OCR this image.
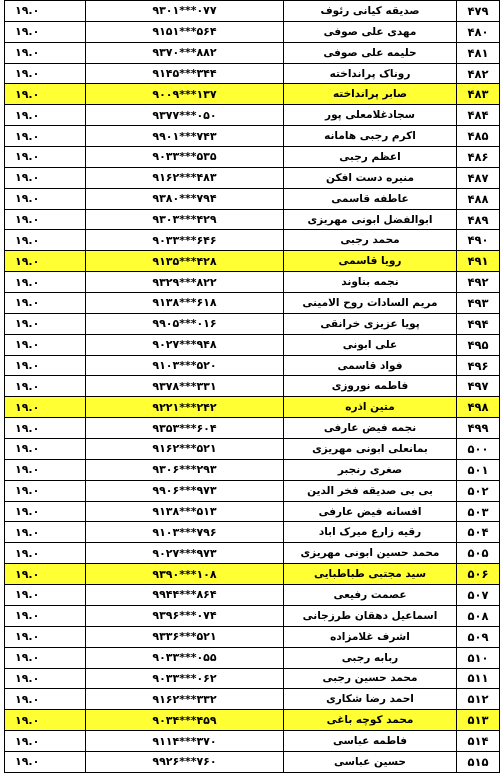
۴۷۹	صدیقه کیانی رئوف	۹۳۰۱***۰۷۷	۱۹.۰
۴۸۰	مهدی علی صوفی	۹۱۵۱***۵۶۴	۱۹.۰
۴۸۱	حلیمه علی صوفی	۹۳۷۰***۸۸۲	۱۹.۰
۴۸۲	روناک پرانداخته	۹۱۴۵***۳۴۴	۱۹.۰
۴۸۳	صابر پرانداخته	۹۰۰۹***۱۳۷	۱۹.۰
۴۸۴	سجادغلامعلی پور	۹۳۷۷***۰۵۰	۱۹.۰
۴۸۵	اکرم رجبی هامانه	۹۹۰۱***۷۴۳	۱۹.۰
۴۸۶	اعظم رجبی	۹۰۳۳***۵۳۵	۱۹.۰
۴۸۷	منیره دست افکن	۹۱۶۲***۴۸۳	۱۹.۰
۴۸۸	عاطفه قاسمی	۹۳۸۰***۷۹۴	۱۹.۰
۴۸۹	ابوالفضل ابونی مهریزی	۹۳۰۳***۴۲۹	۱۹.۰
۴۹۰	محمد رجبی	۹۰۳۳***۶۴۶	۱۹.۰
۴۹۱	رویا قاسمی	۹۱۳۵***۴۲۸	۱۹.۰
۴۹۲	نجمه بناوند	۹۳۲۹***۸۲۲	۱۹.۰
۴۹۳	مریم السادات روح الامینی	۹۱۳۸***۶۱۸	۱۹.۰
۴۹۴	پویا عزیزی خرانقی	۹۹۰۵***۰۱۶	۱۹.۰
۴۹۵	علی ابونی	۹۰۲۷***۹۴۸	۱۹.۰
۴۹۶	فواد قاسمی	۹۱۰۳***۵۲۰	۱۹.۰
۴۹۷	فاطمه نوروزی	۹۳۷۸***۳۳۱	۱۹.۰
۴۹۸	متین اذره	۹۲۲۱***۲۴۲	۱۹.۰
۴۹۹	نجمه فیض عارفی	۹۳۵۳***۶۰۴	۱۹.۰
۵۰۰	بمانعلی ابونی مهریزی	۹۱۶۲***۵۲۱	۱۹.۰
۵۰۱	صغری رنجبر	۹۳۰۶***۲۹۳	۱۹.۰
۵۰۲	بی بی صدیقه فخر الدین	۹۹۰۶***۹۷۳	۱۹.۰
۵۰۳	افسانه فیض عارفی	۹۱۳۸***۵۱۳	۱۹.۰
۵۰۴	رقیه زارع میرک اباد	۹۱۰۳***۷۹۶	۱۹.۰
۵۰۵	محمد حسین ابونی مهریزی	۹۰۲۷***۹۷۳	۱۹.۰
۵۰۶	سید مجتبی طباطبایی	۹۳۹۰***۱۰۸	۱۹.۰
۵۰۷	عصمت رفیعی	۹۹۴۴***۸۶۴	۱۹.۰
۵۰۸	اسماعیل دهقان طرزجانی	۹۳۹۶***۰۷۴	۱۹.۰
۵۰۹	اشرف غلامزاده	۹۳۳۶***۵۲۱	۱۹.۰
۵۱۰	ربابه رجبی	۹۰۳۳***۰۵۵	۱۹.۰
۵۱۱	محمد حسین رجبی	۹۰۳۳***۰۶۲	۱۹.۰
۵۱۲	احمد رضا شکاری	۹۱۶۲***۳۳۲	۱۹.۰
۵۱۳	محمد کوچه باغی	۹۰۳۴***۴۵۹	۱۹.۰
۵۱۴	فاطمه عباسی	۹۱۱۴***۳۷۰	۱۹.۰
۵۱۵	حسین عباسی	۹۹۲۶***۷۶۰	۱۹.۰
